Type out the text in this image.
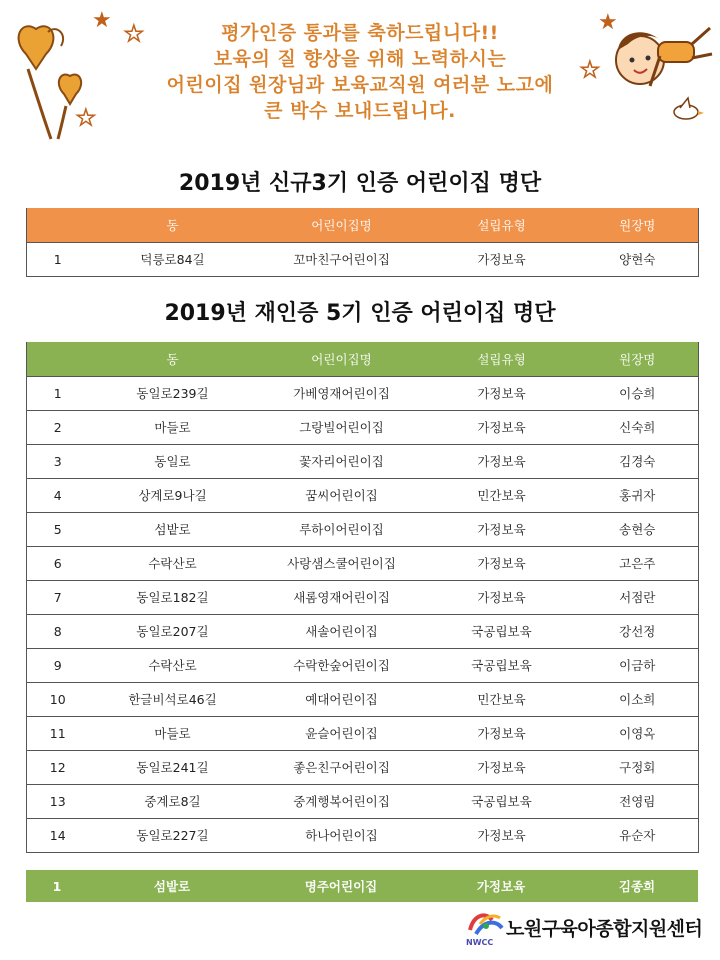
★
★
★
★
★
평가인증 통과를 축하드립니다!!
보육의 질 향상을 위해 노력하시는
어린이집 원장님과 보육교직원 여러분 노고에
큰 박수 보내드립니다.
2019년 신규3기 인증 어린이집 명단
	동	어린이집명	설립유형	원장명
1	덕릉로84길	꼬마친구어린이집	가정보육	양현숙
2019년 재인증 5기 인증 어린이집 명단
	동	어린이집명	설립유형	원장명
1	동일로239길	가베영재어린이집	가정보육	이승희
2	마들로	그랑빌어린이집	가정보육	신숙희
3	동일로	꽃자리어린이집	가정보육	김경숙
4	상계로9나길	꿈씨어린이집	민간보육	홍귀자
5	섬밭로	루하이어린이집	가정보육	송현승
6	수락산로	사랑샘스쿨어린이집	가정보육	고은주
7	동일로182길	새롬영재어린이집	가정보육	서점란
8	동일로207길	새솔어린이집	국공립보육	강선정
9	수락산로	수락한숲어린이집	국공립보육	이금하
10	한글비석로46길	예대어린이집	민간보육	이소희
11	마들로	윤슬어린이집	가정보육	이영옥
12	동일로241길	좋은친구어린이집	가정보육	구정회
13	중계로8길	중계행복어린이집	국공립보육	전영림
14	동일로227길	하나어린이집	가정보육	유순자
1	섬밭로	명주어린이집	가정보육	김종희
NWCC
노원구육아종합지원센터
